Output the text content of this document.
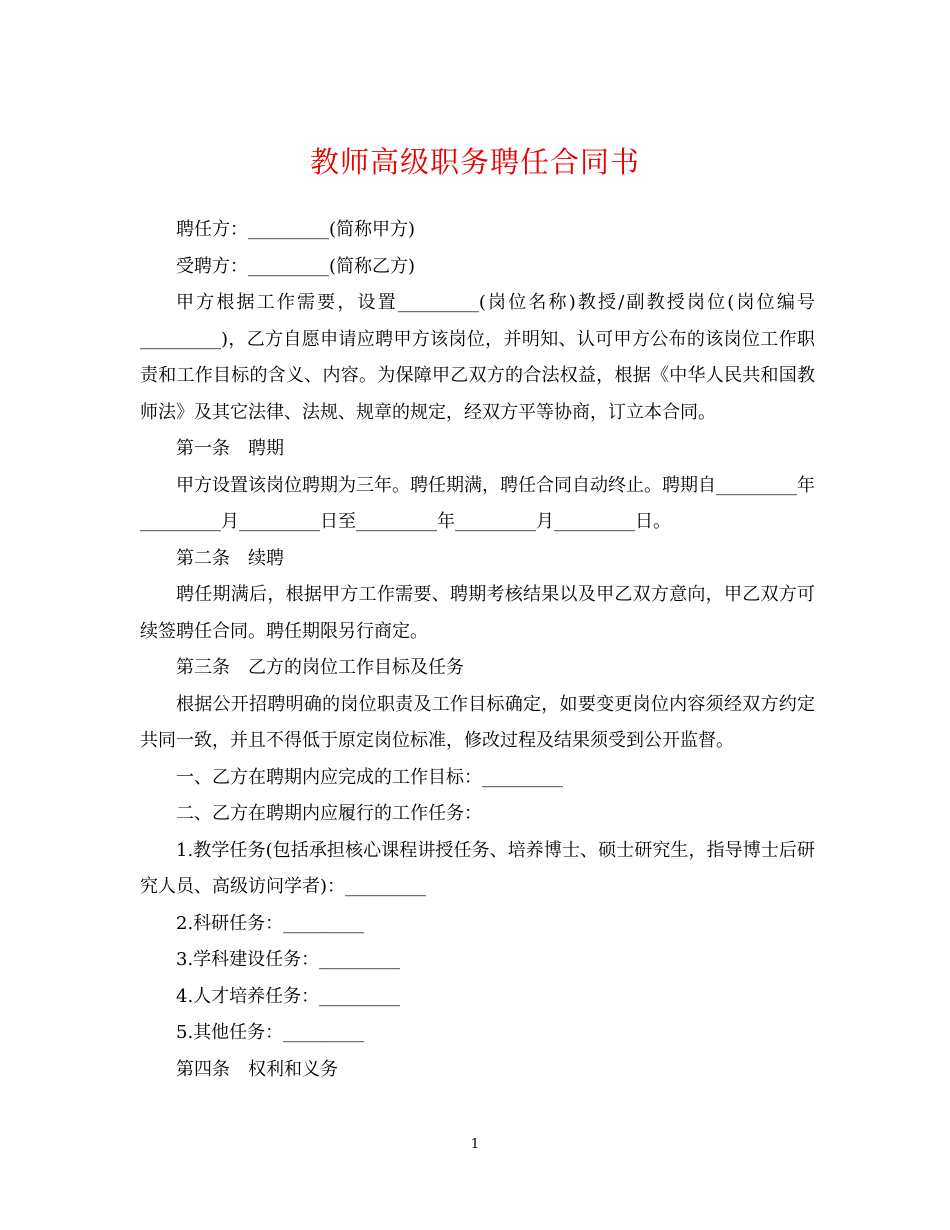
教师高级职务聘任合同书

聘任方：_________(简称甲方)

受聘方：_________(简称乙方)

甲方根据工作需要，设置_________(岗位名称)教授/副教授岗位(岗位编号_________)，乙方自愿申请应聘甲方该岗位，并明知、认可甲方公布的该岗位工作职责和工作目标的含义、内容。为保障甲乙双方的合法权益，根据《中华人民共和国教师法》及其它法律、法规、规章的规定，经双方平等协商，订立本合同。

第一条　聘期

甲方设置该岗位聘期为三年。聘任期满，聘任合同自动终止。聘期自_________年_________月_________日至_________年_________月_________日。

第二条　续聘

聘任期满后，根据甲方工作需要、聘期考核结果以及甲乙双方意向，甲乙双方可续签聘任合同。聘任期限另行商定。

第三条　乙方的岗位工作目标及任务

根据公开招聘明确的岗位职责及工作目标确定，如要变更岗位内容须经双方约定共同一致，并且不得低于原定岗位标准，修改过程及结果须受到公开监督。

一、乙方在聘期内应完成的工作目标：_________

二、乙方在聘期内应履行的工作任务：

1.教学任务(包括承担核心课程讲授任务、培养博士、硕士研究生，指导博士后研究人员、高级访问学者)：_________

2.科研任务：_________

3.学科建设任务：_________

4.人才培养任务：_________

5.其他任务：_________

第四条　权利和义务

1
